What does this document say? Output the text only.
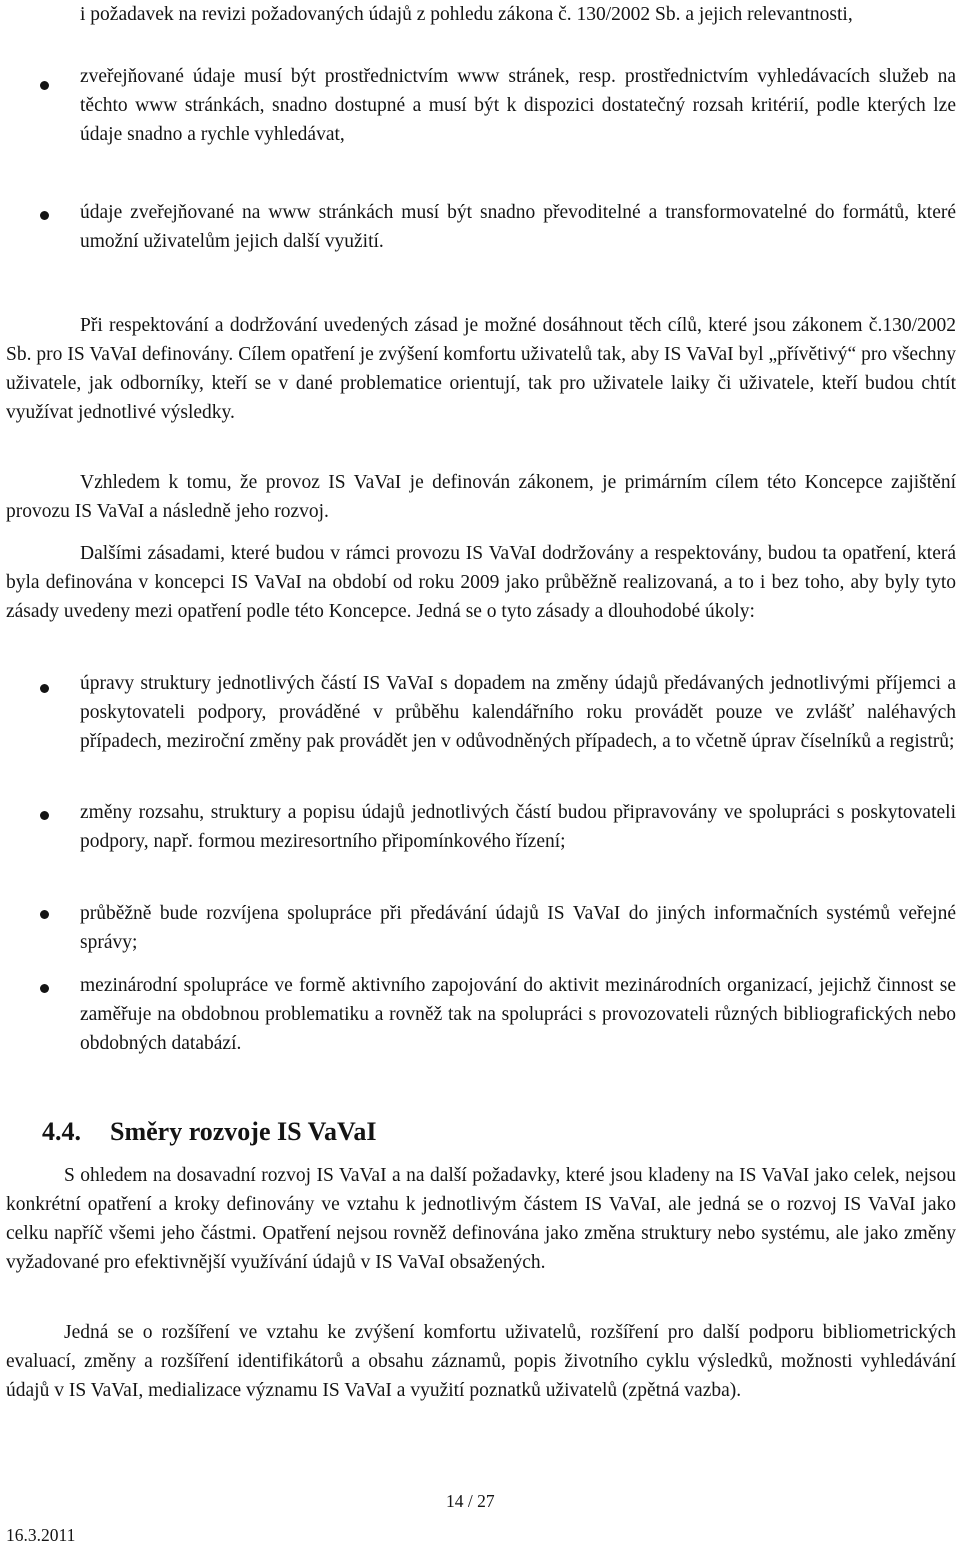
i požadavek na revizi požadovaných údajů z pohledu zákona č. 130/2002 Sb. a jejich relevantnosti,

zveřejňované údaje musí být prostřednictvím www stránek, resp. prostřednictvím vyhledávacích služeb na těchto www stránkách, snadno dostupné a musí být k dispozici dostatečný rozsah kritérií, podle kterých lze údaje snadno a rychle vyhledávat,

údaje zveřejňované na www stránkách musí být snadno převoditelné a transformovatelné do formátů, které umožní uživatelům jejich další využití.

Při respektování a dodržování uvedených zásad je možné dosáhnout těch cílů, které jsou zákonem č.130/2002 Sb. pro IS VaVaI definovány. Cílem opatření je zvýšení komfortu uživatelů tak, aby IS VaVaI byl „přívětivý“ pro všechny uživatele, jak odborníky, kteří se v dané problematice orientují, tak pro uživatele laiky či uživatele, kteří budou chtít využívat jednotlivé výsledky.

Vzhledem k tomu, že provoz IS VaVaI je definován zákonem, je primárním cílem této Koncepce zajištění provozu IS VaVaI a následně jeho rozvoj.

Dalšími zásadami, které budou v rámci provozu IS VaVaI dodržovány a respektovány, budou ta opatření, která byla definována v koncepci IS VaVaI na období od roku 2009 jako průběžně realizovaná, a to i bez toho, aby byly tyto zásady uvedeny mezi opatření podle této Koncepce. Jedná se o tyto zásady a dlouhodobé úkoly:

úpravy struktury jednotlivých částí IS VaVaI s dopadem na změny údajů předávaných jednotlivými příjemci a poskytovateli podpory, prováděné v průběhu kalendářního roku provádět pouze ve zvlášť naléhavých případech, meziroční změny pak provádět jen v odůvodněných případech, a to včetně úprav číselníků a registrů;

změny rozsahu, struktury a popisu údajů jednotlivých částí budou připravovány ve spolupráci s poskytovateli podpory, např. formou meziresortního připomínkového řízení;

průběžně bude rozvíjena spolupráce při předávání údajů IS VaVaI do jiných informačních systémů veřejné správy;

mezinárodní spolupráce ve formě aktivního zapojování do aktivit mezinárodních organizací, jejichž činnost se zaměřuje na obdobnou problematiku a rovněž tak na spolupráci s provozovateli různých bibliografických nebo obdobných databází.

4.4. Směry rozvoje IS VaVaI

S ohledem na dosavadní rozvoj IS VaVaI a na další požadavky, které jsou kladeny na IS VaVaI jako celek, nejsou konkrétní opatření a kroky definovány ve vztahu k jednotlivým částem IS VaVaI, ale jedná se o rozvoj IS VaVaI jako celku napříč všemi jeho částmi. Opatření nejsou rovněž definována jako změna struktury nebo systému, ale jako změny vyžadované pro efektivnější využívání údajů v IS VaVaI obsažených.

Jedná se o rozšíření ve vztahu ke zvýšení komfortu uživatelů, rozšíření pro další podporu bibliometrických evaluací, změny a rozšíření identifikátorů a obsahu záznamů, popis životního cyklu výsledků, možnosti vyhledávání údajů v IS VaVaI, medializace významu IS VaVaI a využití poznatků uživatelů (zpětná vazba).

14 / 27

16.3.2011
